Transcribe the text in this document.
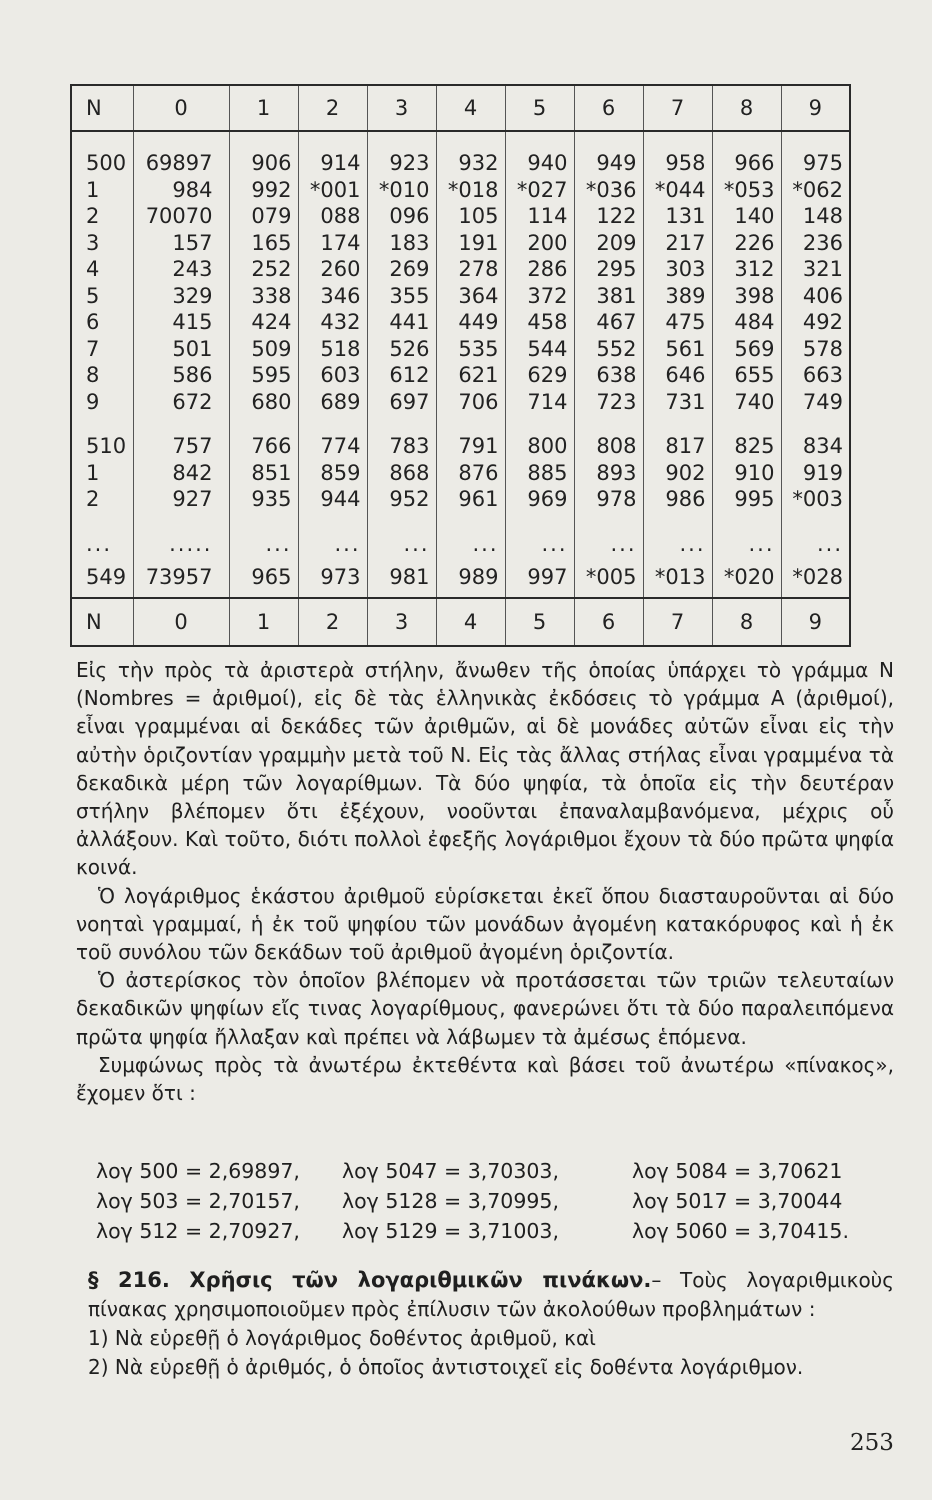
N	0	1	2	3	4	5	6	7	8	9

500	69897	906	914	923	932	940	949	958	966	975
1	984	992	*001	*010	*018	*027	*036	*044	*053	*062
2	70070	079	088	096	105	114	122	131	140	148
3	157	165	174	183	191	200	209	217	226	236
4	243	252	260	269	278	286	295	303	312	321
5	329	338	346	355	364	372	381	389	398	406
6	415	424	432	441	449	458	467	475	484	492
7	501	509	518	526	535	544	552	561	569	578
8	586	595	603	612	621	629	638	646	655	663
9	672	680	689	697	706	714	723	731	740	749

510	757	766	774	783	791	800	808	817	825	834
1	842	851	859	868	876	885	893	902	910	919
2	927	935	944	952	961	969	978	986	995	*003

...	.....	...	...	...	...	...	...	...	...	...
549	73957	965	973	981	989	997	*005	*013	*020	*028
N	0	1	2	3	4	5	6	7	8	9

Εἰς τὴν πρὸς τὰ ἀριστερὰ στήλην, ἄνωθεν τῆς ὁποίας ὑπάρχει τὸ γράμμα N (Nombres = ἀριθμοί), εἰς δὲ τὰς ἑλληνικὰς ἐκδόσεις τὸ γράμμα Α (ἀριθμοί), εἶναι γραμμέναι αἱ δεκάδες τῶν ἀριθμῶν, αἱ δὲ μονάδες αὐτῶν εἶναι εἰς τὴν αὐτὴν ὁριζοντίαν γραμμὴν μετὰ τοῦ N. Εἰς τὰς ἄλλας στήλας εἶναι γραμμένα τὰ δεκαδικὰ μέρη τῶν λογαρίθμων. Τὰ δύο ψηφία, τὰ ὁποῖα εἰς τὴν δευτέραν στήλην βλέπομεν ὅτι ἐξέχουν, νοοῦνται ἐπαναλαμβανόμενα, μέχρις οὗ ἀλλάξουν. Καὶ τοῦτο, διότι πολλοὶ ἐφεξῆς λογάριθμοι ἔχουν τὰ δύο πρῶτα ψηφία κοινά.

Ὁ λογάριθμος ἑκάστου ἀριθμοῦ εὑρίσκεται ἐκεῖ ὅπου διασταυροῦνται αἱ δύο νοηταὶ γραμμαί, ἡ ἐκ τοῦ ψηφίου τῶν μονάδων ἀγομένη κατακόρυφος καὶ ἡ ἐκ τοῦ συνόλου τῶν δεκάδων τοῦ ἀριθμοῦ ἀγομένη ὁριζοντία.

Ὁ ἀστερίσκος τὸν ὁποῖον βλέπομεν νὰ προτάσσεται τῶν τριῶν τελευταίων δεκαδικῶν ψηφίων εἴς τινας λογαρίθμους, φανερώνει ὅτι τὰ δύο παραλειπόμενα πρῶτα ψηφία ἤλλαξαν καὶ πρέπει νὰ λάβωμεν τὰ ἀμέσως ἑπόμενα.

Συμφώνως πρὸς τὰ ἀνωτέρω ἐκτεθέντα καὶ βάσει τοῦ ἀνωτέρω «πίνακος», ἔχομεν ὅτι :

λογ 500 = 2,69897,	λογ 5047 = 3,70303,	λογ 5084 = 3,70621
λογ 503 = 2,70157,	λογ 5128 = 3,70995,	λογ 5017 = 3,70044
λογ 512 = 2,70927,	λογ 5129 = 3,71003,	λογ 5060 = 3,70415.

§ 216. Χρῆσις τῶν λογαριθμικῶν πινάκων.– Τοὺς λογαριθμικοὺς πίνακας χρησιμοποιοῦμεν πρὸς ἐπίλυσιν τῶν ἀκολούθων προβλημάτων :

1) Νὰ εὑρεθῇ ὁ λογάριθμος δοθέντος ἀριθμοῦ, καὶ

2) Νὰ εὑρεθῇ ὁ ἀριθμός, ὁ ὁποῖος ἀντιστοιχεῖ εἰς δοθέντα λογάριθμον.

253
